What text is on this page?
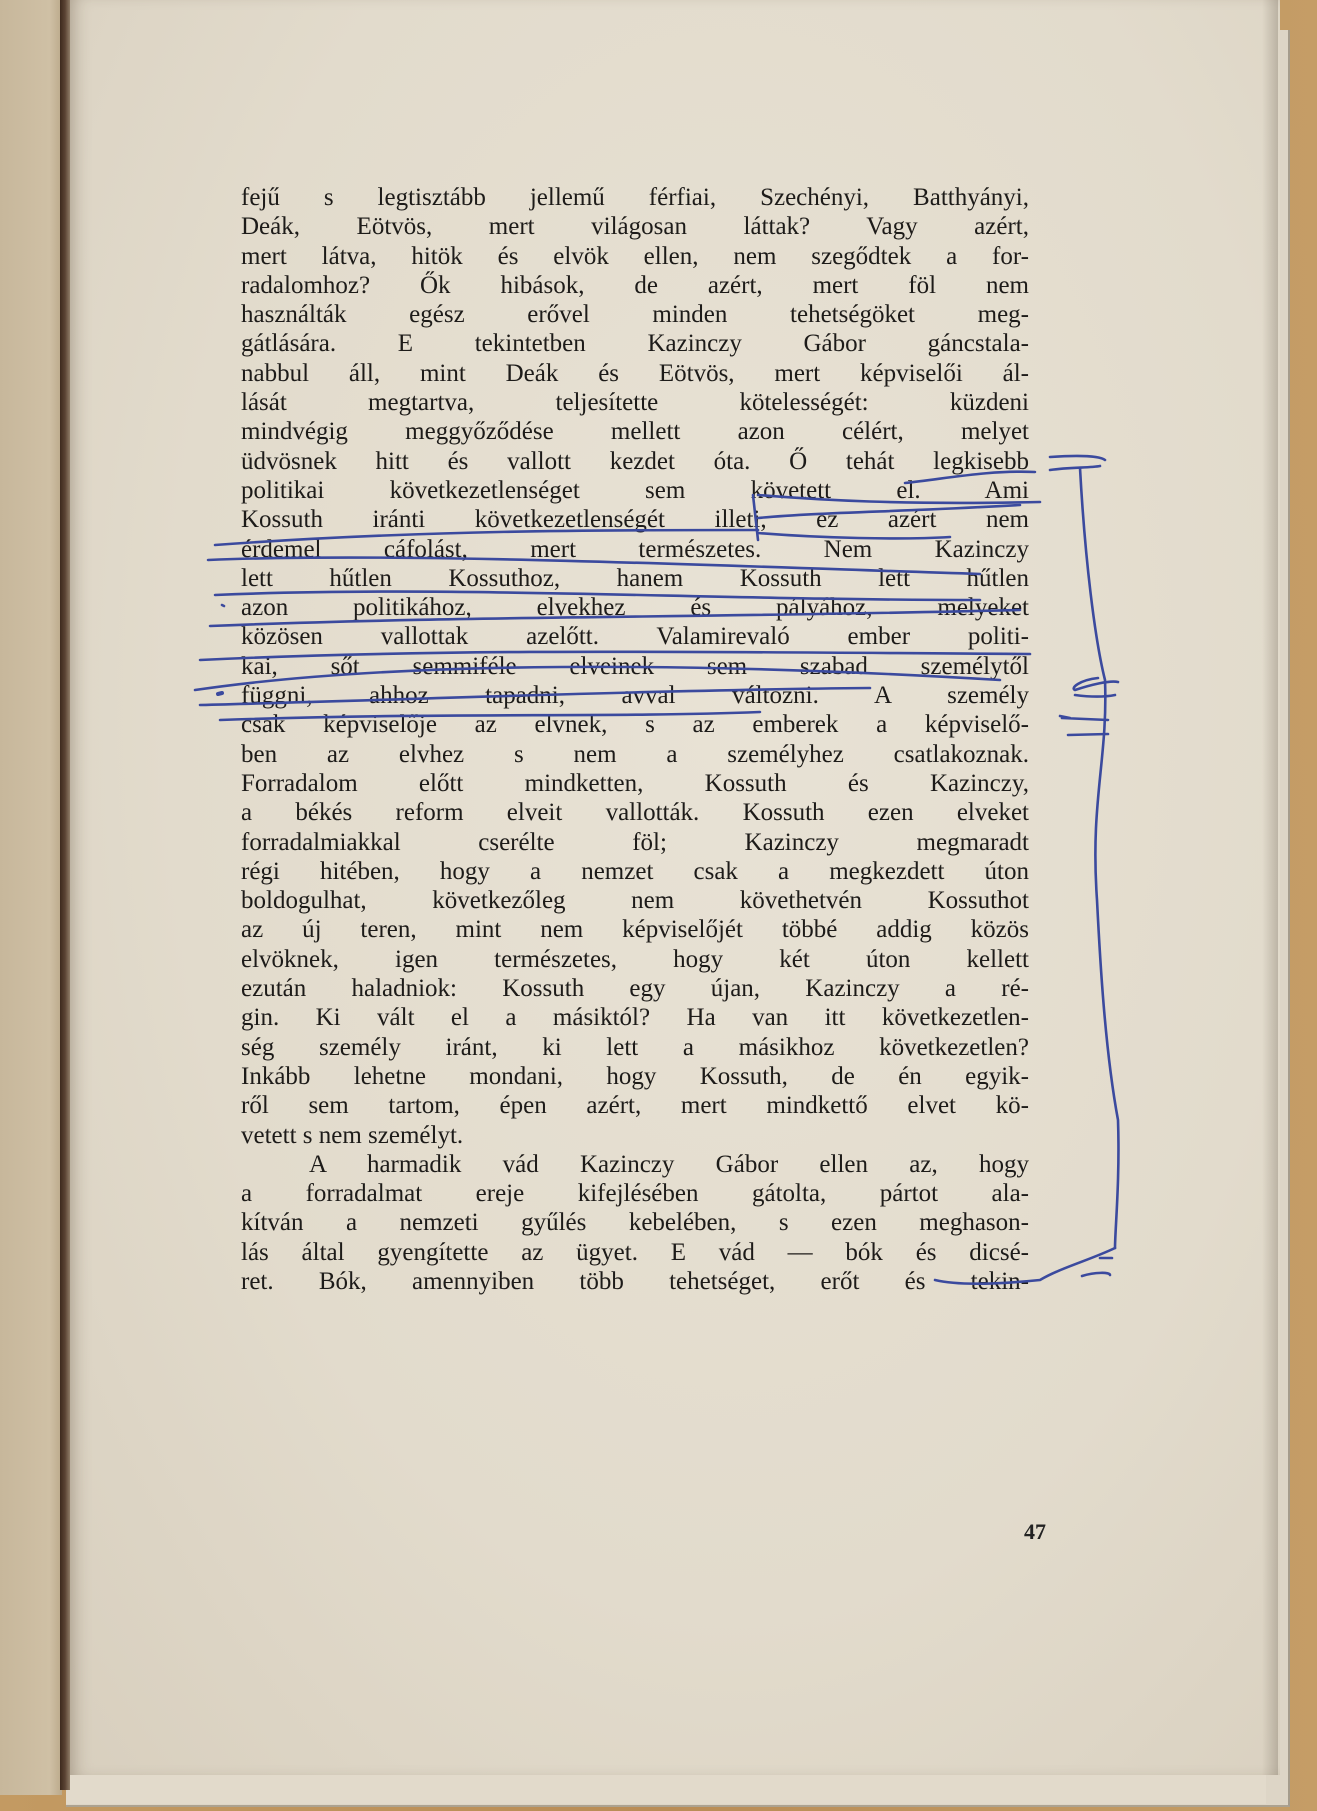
fejű s legtisztább jellemű férfiai, Szechényi, Batthyányi,
Deák, Eötvös, mert világosan láttak? Vagy azért,
mert látva, hitök és elvök ellen, nem szegődtek a for-
radalomhoz? Ők hibások, de azért, mert föl nem
használták egész erővel minden tehetségöket meg-
gátlására. E tekintetben Kazinczy Gábor gáncstala-
nabbul áll, mint Deák és Eötvös, mert képviselői ál-
lását megtartva, teljesítette kötelességét: küzdeni
mindvégig meggyőződése mellett azon célért, melyet
üdvösnek hitt és vallott kezdet óta. Ő tehát legkisebb
politikai következetlenséget sem követett el. Ami
Kossuth iránti következetlenségét illeti, ez azért nem
érdemel cáfolást, mert természetes. Nem Kazinczy
lett hűtlen Kossuthoz, hanem Kossuth lett hűtlen
azon politikához, elvekhez és pályához, melyeket
közösen vallottak azelőtt. Valamirevaló ember politi-
kai, sőt semmiféle elveinek sem szabad személytől
függni, ahhoz tapadni, avval változni. A személy
csak képviselője az elvnek, s az emberek a képviselő-
ben az elvhez s nem a személyhez csatlakoznak.
Forradalom előtt mindketten, Kossuth és Kazinczy,
a békés reform elveit vallották. Kossuth ezen elveket
forradalmiakkal cserélte föl; Kazinczy megmaradt
régi hitében, hogy a nemzet csak a megkezdett úton
boldogulhat, következőleg nem követhetvén Kossuthot
az új teren, mint nem képviselőjét többé addig közös
elvöknek, igen természetes, hogy két úton kellett
ezután haladniok: Kossuth egy újan, Kazinczy a ré-
gin. Ki vált el a másiktól? Ha van itt következetlen-
ség személy iránt, ki lett a másikhoz következetlen?
Inkább lehetne mondani, hogy Kossuth, de én egyik-
ről sem tartom, épen azért, mert mindkettő elvet kö-
vetett s nem személyt.
A harmadik vád Kazinczy Gábor ellen az, hogy
a forradalmat ereje kifejlésében gátolta, pártot ala-
kítván a nemzeti gyűlés kebelében, s ezen meghason-
lás által gyengítette az ügyet. E vád — bók és dicsé-
ret. Bók, amennyiben több tehetséget, erőt és tekin-
47
